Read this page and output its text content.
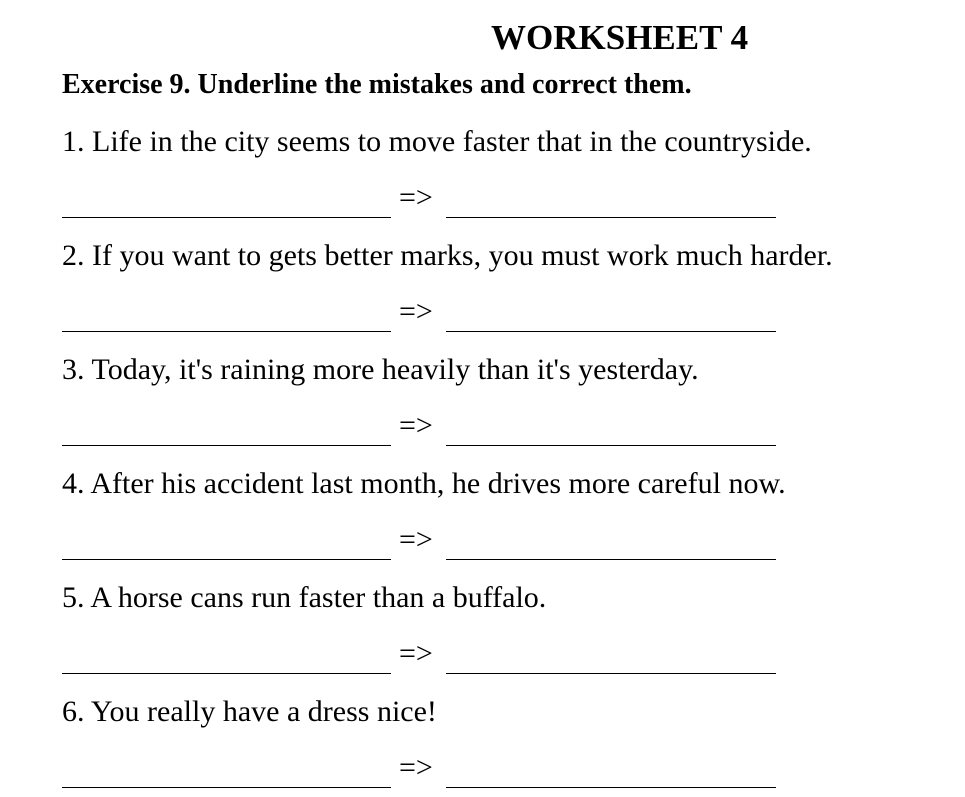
WORKSHEET 4
Exercise 9. Underline the mistakes and correct them.
1. Life in the city seems to move faster that in the countryside.
=>
2. If you want to gets better marks, you must work much harder.
=>
3. Today, it's raining more heavily than it's yesterday.
=>
4. After his accident last month, he drives more careful now.
=>
5. A horse cans run faster than a buffalo.
=>
6. You really have a dress nice!
=>
